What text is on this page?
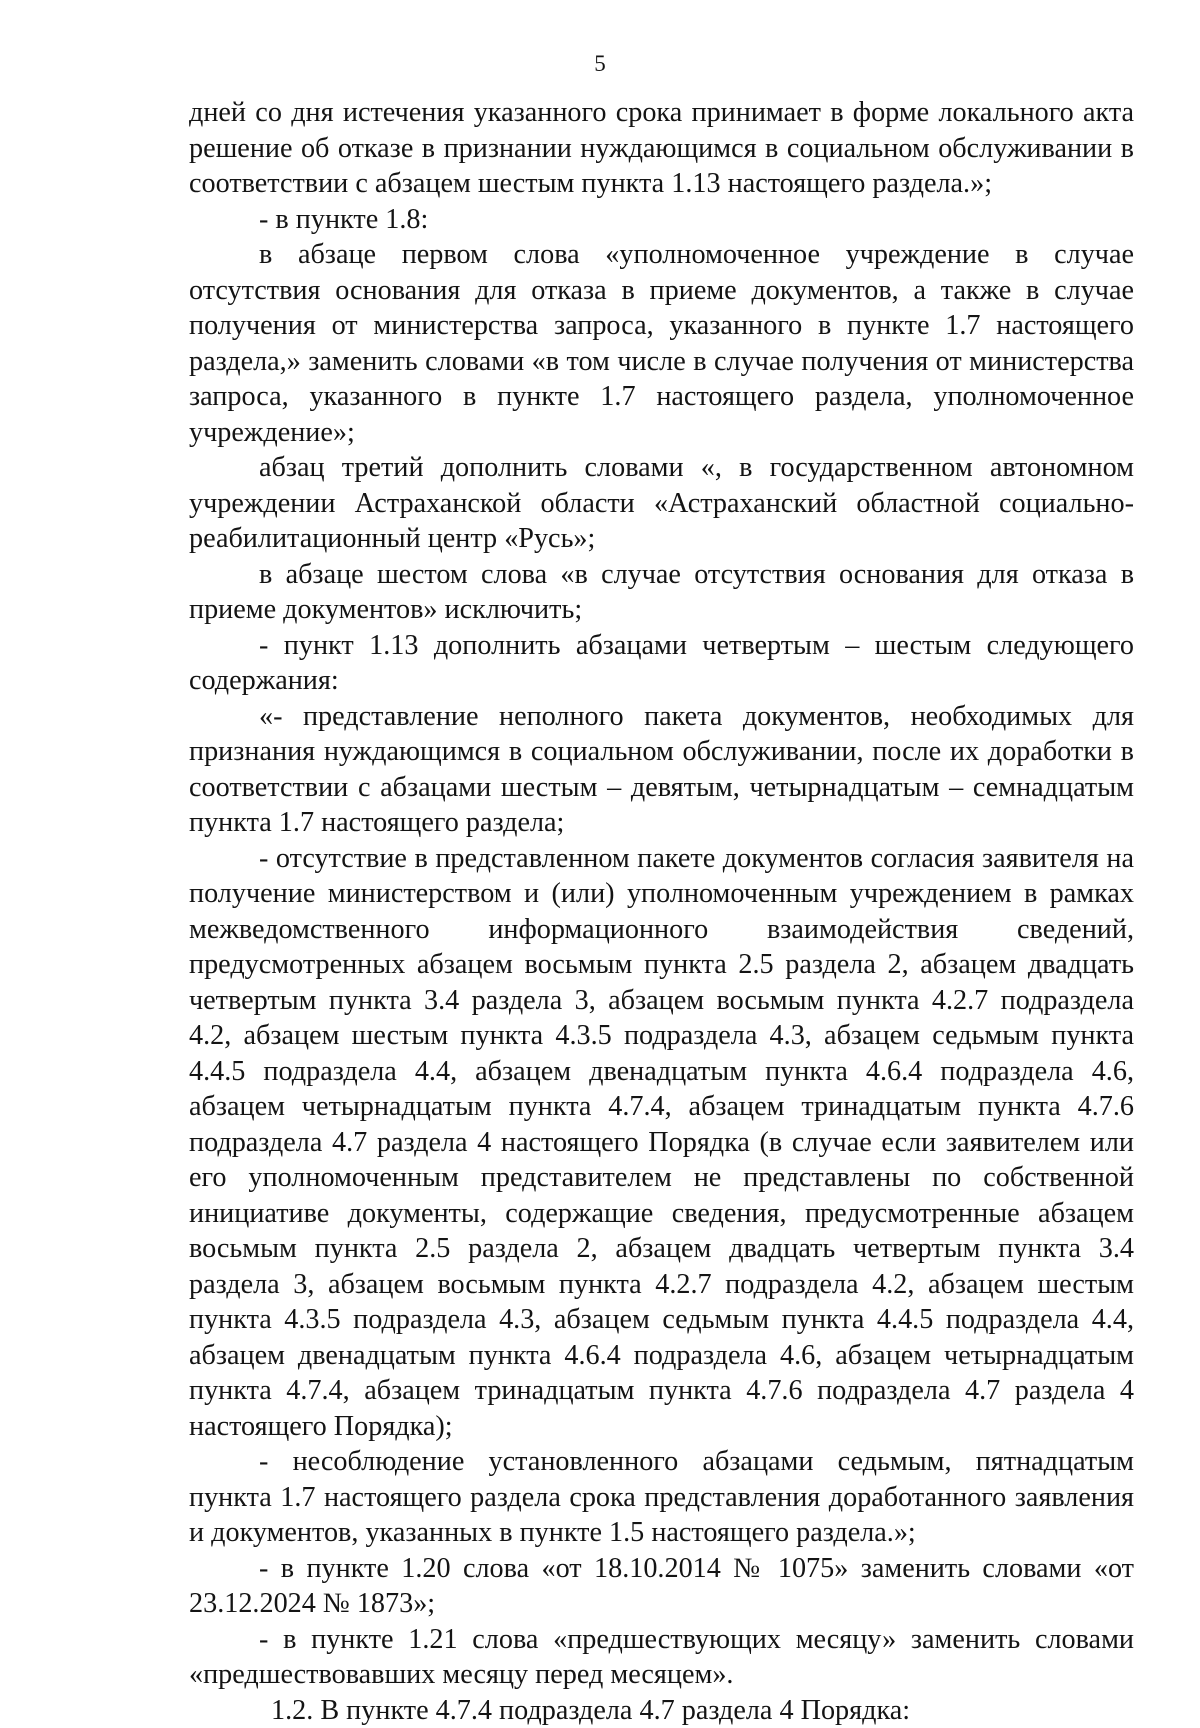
5

дней со дня истечения указанного срока принимает в форме локального акта решение об отказе в признании нуждающимся в социальном обслуживании в соответствии с абзацем шестым пункта 1.13 настоящего раздела.»;

- в пункте 1.8:

в абзаце первом слова «уполномоченное учреждение в случае отсутствия основания для отказа в приеме документов, а также в случае получения от министерства запроса, указанного в пункте 1.7 настоящего раздела,» заменить словами «в том числе в случае получения от министерства запроса, указанного в пункте 1.7 настоящего раздела, уполномоченное учреждение»;

абзац третий дополнить словами «, в государственном автономном учреждении Астраханской области «Астраханский областной социально-реабилитационный центр «Русь»;

в абзаце шестом слова «в случае отсутствия основания для отказа в приеме документов» исключить;

- пункт 1.13 дополнить абзацами четвертым – шестым следующего содержания:

«- представление неполного пакета документов, необходимых для признания нуждающимся в социальном обслуживании, после их доработки в соответствии с абзацами шестым – девятым, четырнадцатым – семнадцатым пункта 1.7 настоящего раздела;

- отсутствие в представленном пакете документов согласия заявителя на получение министерством и (или) уполномоченным учреждением в рамках межведомственного информационного взаимодействия сведений, предусмотренных абзацем восьмым пункта 2.5 раздела 2, абзацем двадцать четвертым пункта 3.4 раздела 3, абзацем восьмым пункта 4.2.7 подраздела 4.2, абзацем шестым пункта 4.3.5 подраздела 4.3, абзацем седьмым пункта 4.4.5 подраздела 4.4, абзацем двенадцатым пункта 4.6.4 подраздела 4.6, абзацем четырнадцатым пункта 4.7.4, абзацем тринадцатым пункта 4.7.6 подраздела 4.7 раздела 4 настоящего Порядка (в случае если заявителем или его уполномоченным представителем не представлены по собственной инициативе документы, содержащие сведения, предусмотренные абзацем восьмым пункта 2.5 раздела 2, абзацем двадцать четвертым пункта 3.4 раздела 3, абзацем восьмым пункта 4.2.7 подраздела 4.2, абзацем шестым пункта 4.3.5 подраздела 4.3, абзацем седьмым пункта 4.4.5 подраздела 4.4, абзацем двенадцатым пункта 4.6.4 подраздела 4.6, абзацем четырнадцатым пункта 4.7.4, абзацем тринадцатым пункта 4.7.6 подраздела 4.7 раздела 4 настоящего Порядка);

- несоблюдение установленного абзацами седьмым, пятнадцатым пункта 1.7 настоящего раздела срока представления доработанного заявления и документов, указанных в пункте 1.5 настоящего раздела.»;

- в пункте 1.20 слова «от 18.10.2014 № 1075» заменить словами «от 23.12.2024 № 1873»;

- в пункте 1.21 слова «предшествующих месяцу» заменить словами «предшествовавших месяцу перед месяцем».

1.2. В пункте 4.7.4 подраздела 4.7 раздела 4 Порядка:
